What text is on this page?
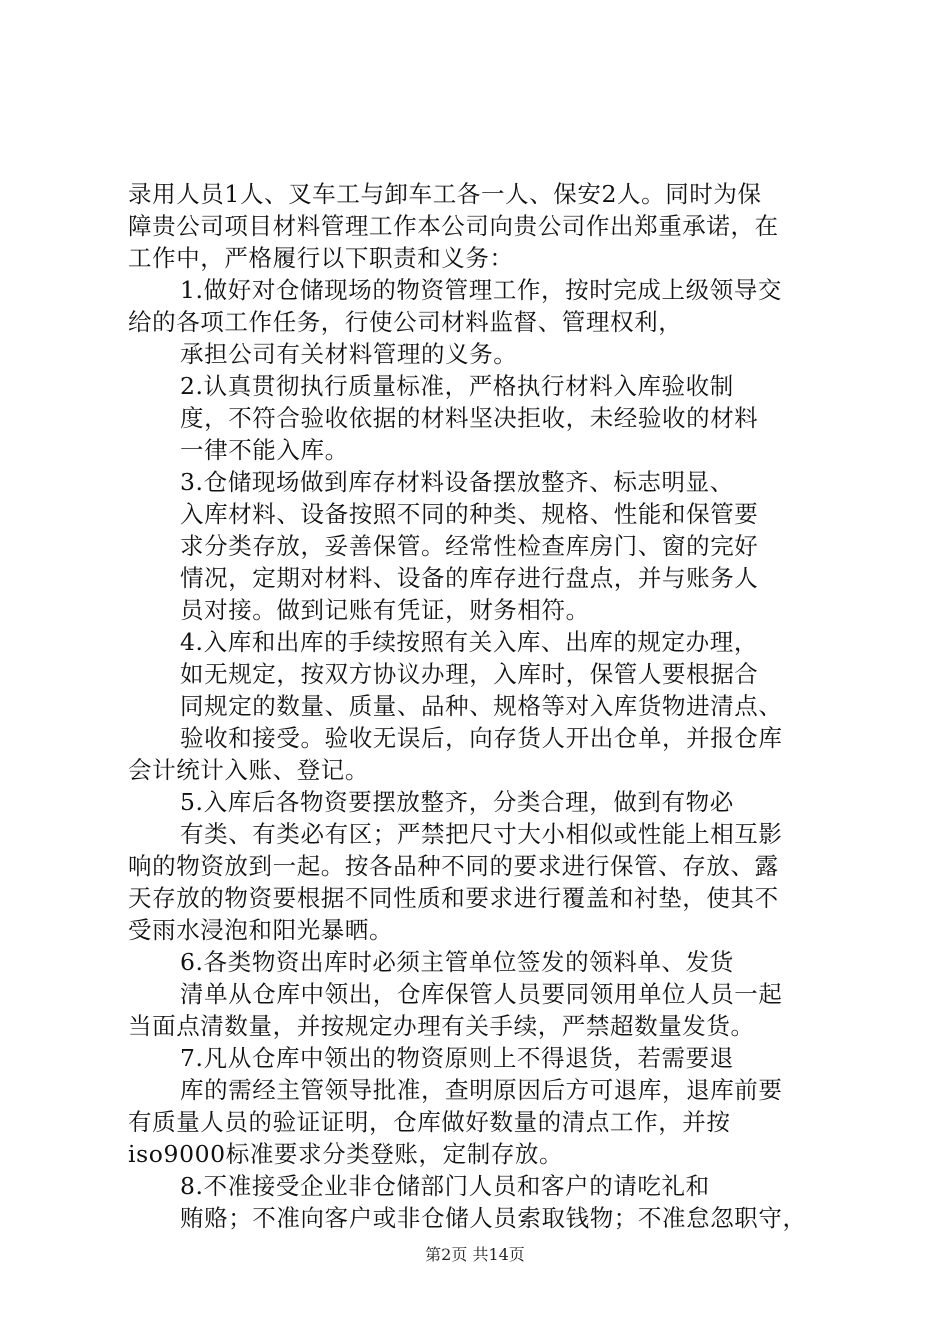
录用人员1人、叉车工与卸车工各一人、保安2人。同时为保
障贵公司项目材料管理工作本公司向贵公司作出郑重承诺，在
工作中，严格履行以下职责和义务：
1.做好对仓储现场的物资管理工作，按时完成上级领导交
给的各项工作任务，行使公司材料监督、管理权利，
承担公司有关材料管理的义务。
2.认真贯彻执行质量标准，严格执行材料入库验收制
度，不符合验收依据的材料坚决拒收，未经验收的材料
一律不能入库。
3.仓储现场做到库存材料设备摆放整齐、标志明显、
入库材料、设备按照不同的种类、规格、性能和保管要
求分类存放，妥善保管。经常性检查库房门、窗的完好
情况，定期对材料、设备的库存进行盘点，并与账务人
员对接。做到记账有凭证，财务相符。
4.入库和出库的手续按照有关入库、出库的规定办理，
如无规定，按双方协议办理，入库时，保管人要根据合
同规定的数量、质量、品种、规格等对入库货物进清点、
验收和接受。验收无误后，向存货人开出仓单，并报仓库
会计统计入账、登记。
5.入库后各物资要摆放整齐，分类合理，做到有物必
有类、有类必有区；严禁把尺寸大小相似或性能上相互影
响的物资放到一起。按各品种不同的要求进行保管、存放、露
天存放的物资要根据不同性质和要求进行覆盖和衬垫，使其不
受雨水浸泡和阳光暴晒。
6.各类物资出库时必须主管单位签发的领料单、发货
清单从仓库中领出，仓库保管人员要同领用单位人员一起
当面点清数量，并按规定办理有关手续，严禁超数量发货。
7.凡从仓库中领出的物资原则上不得退货，若需要退
库的需经主管领导批准，查明原因后方可退库，退库前要
有质量人员的验证证明，仓库做好数量的清点工作，并按
iso9000标准要求分类登账，定制存放。
8.不准接受企业非仓储部门人员和客户的请吃礼和
贿赂；不准向客户或非仓储人员索取钱物；不准怠忽职守，
第2页 共14页
